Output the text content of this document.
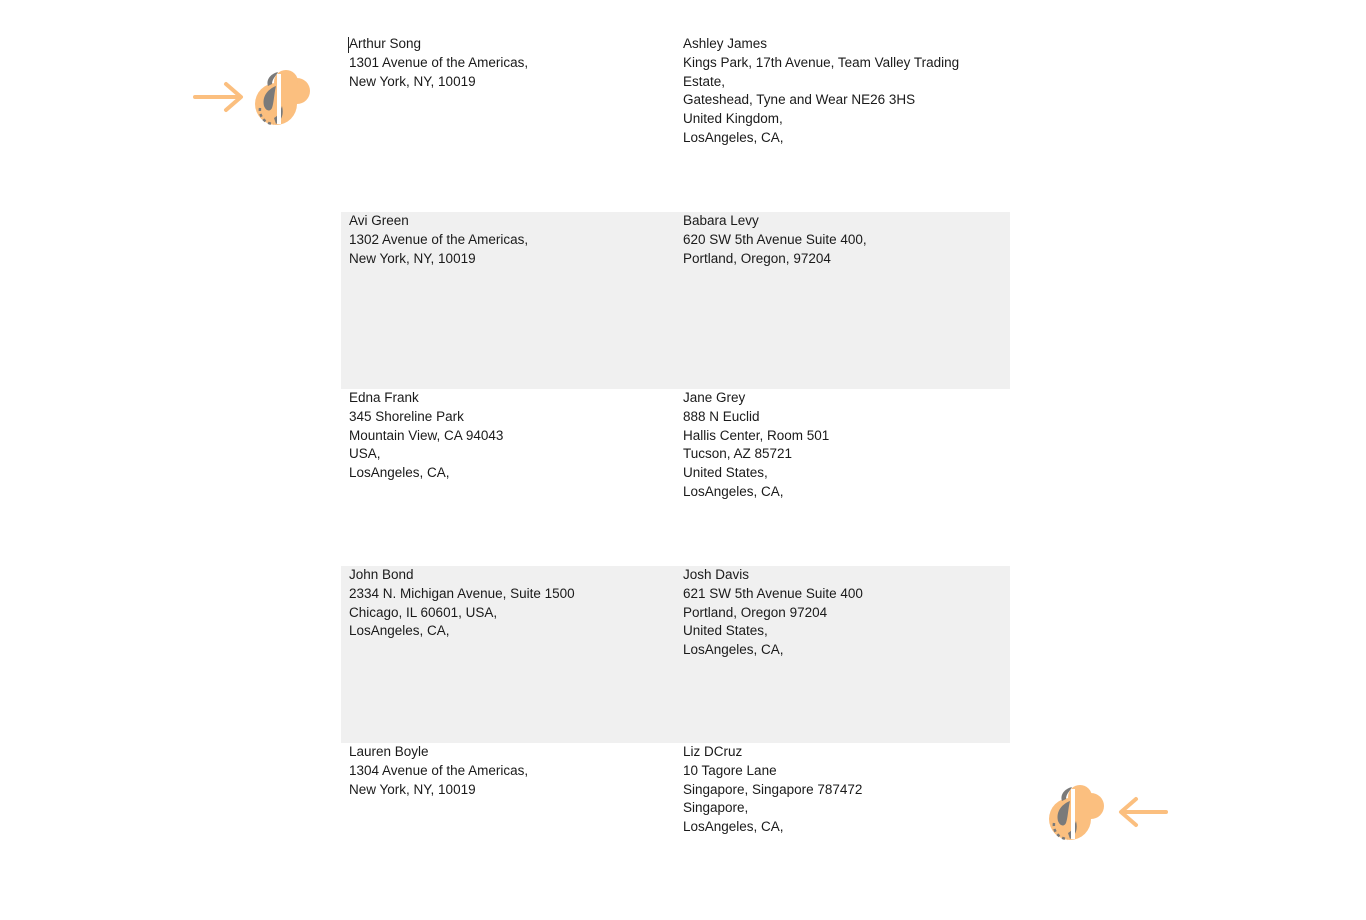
Arthur Song
1301 Avenue of the Americas,
New York, NY, 10019
Ashley James
Kings Park, 17th Avenue, Team Valley Trading
Estate,
Gateshead, Tyne and Wear NE26 3HS
United Kingdom,
LosAngeles, CA,
Avi Green
1302 Avenue of the Americas,
New York, NY, 10019
Babara Levy
620 SW 5th Avenue Suite 400,
Portland, Oregon, 97204
Edna Frank
345 Shoreline Park
Mountain View, CA 94043
USA,
LosAngeles, CA,
Jane Grey
888 N Euclid
Hallis Center, Room 501
Tucson, AZ 85721
United States,
LosAngeles, CA,
John Bond
2334 N. Michigan Avenue, Suite 1500
Chicago, IL 60601, USA,
LosAngeles, CA,
Josh Davis
621 SW 5th Avenue Suite 400
Portland, Oregon 97204
United States,
LosAngeles, CA,
Lauren Boyle
1304 Avenue of the Americas,
New York, NY, 10019
Liz DCruz
10 Tagore Lane
Singapore, Singapore 787472
Singapore,
LosAngeles, CA,
